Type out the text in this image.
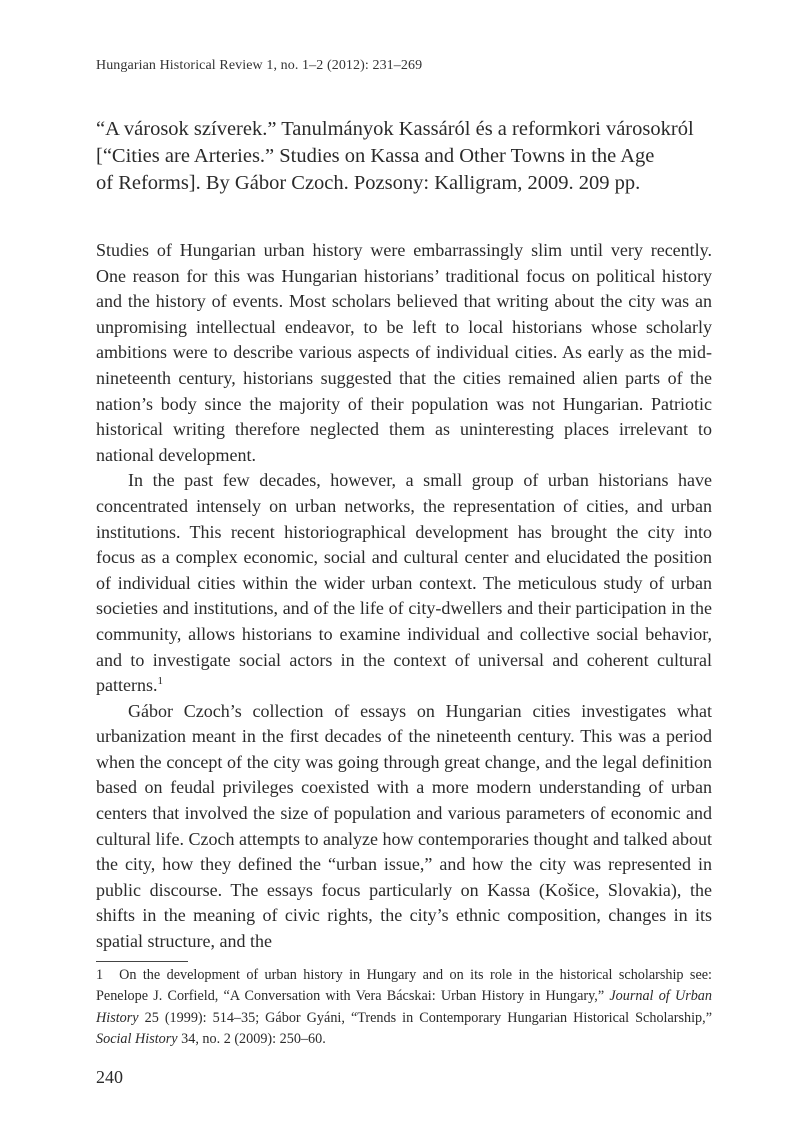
Hungarian Historical Review 1, no. 1–2 (2012): 231–269
“A városok szíverek.” Tanulmányok Kassáról és a reformkori városokról
[“Cities are Arteries.” Studies on Kassa and Other Towns in the Age
of Reforms]. By Gábor Czoch. Pozsony: Kalligram, 2009. 209 pp.

Studies of Hungarian urban history were embarrassingly slim until very recently. One reason for this was Hungarian historians’ traditional focus on political history and the history of events. Most scholars believed that writing about the city was an unpromising intellectual endeavor, to be left to local historians whose scholarly ambitions were to describe various aspects of individual cities. As early as the mid-nineteenth century, historians suggested that the cities remained alien parts of the nation’s body since the majority of their population was not Hungarian. Patriotic historical writing therefore neglected them as uninteresting places irrelevant to national development.

In the past few decades, however, a small group of urban historians have concentrated intensely on urban networks, the representation of cities, and urban institutions. This recent historiographical development has brought the city into focus as a complex economic, social and cultural center and elucidated the position of individual cities within the wider urban context. The meticulous study of urban societies and institutions, and of the life of city-dwellers and their participation in the community, allows historians to examine individual and collective social behavior, and to investigate social actors in the context of universal and coherent cultural patterns.$^1$

Gábor Czoch’s collection of essays on Hungarian cities investigates what urbanization meant in the first decades of the nineteenth century. This was a period when the concept of the city was going through great change, and the legal definition based on feudal privileges coexisted with a more modern understanding of urban centers that involved the size of population and various parameters of economic and cultural life. Czoch attempts to analyze how contemporaries thought and talked about the city, how they defined the “urban issue,” and how the city was represented in public discourse. The essays focus particularly on Kassa (Košice, Slovakia), the shifts in the meaning of civic rights, the city’s ethnic composition, changes in its spatial structure, and the

1 On the development of urban history in Hungary and on its role in the historical scholarship see: Penelope J. Corfield, “A Conversation with Vera Bácskai: Urban History in Hungary,” Journal of Urban History 25 (1999): 514–35; Gábor Gyáni, “Trends in Contemporary Hungarian Historical Scholarship,” Social History 34, no. 2 (2009): 250–60.
240
